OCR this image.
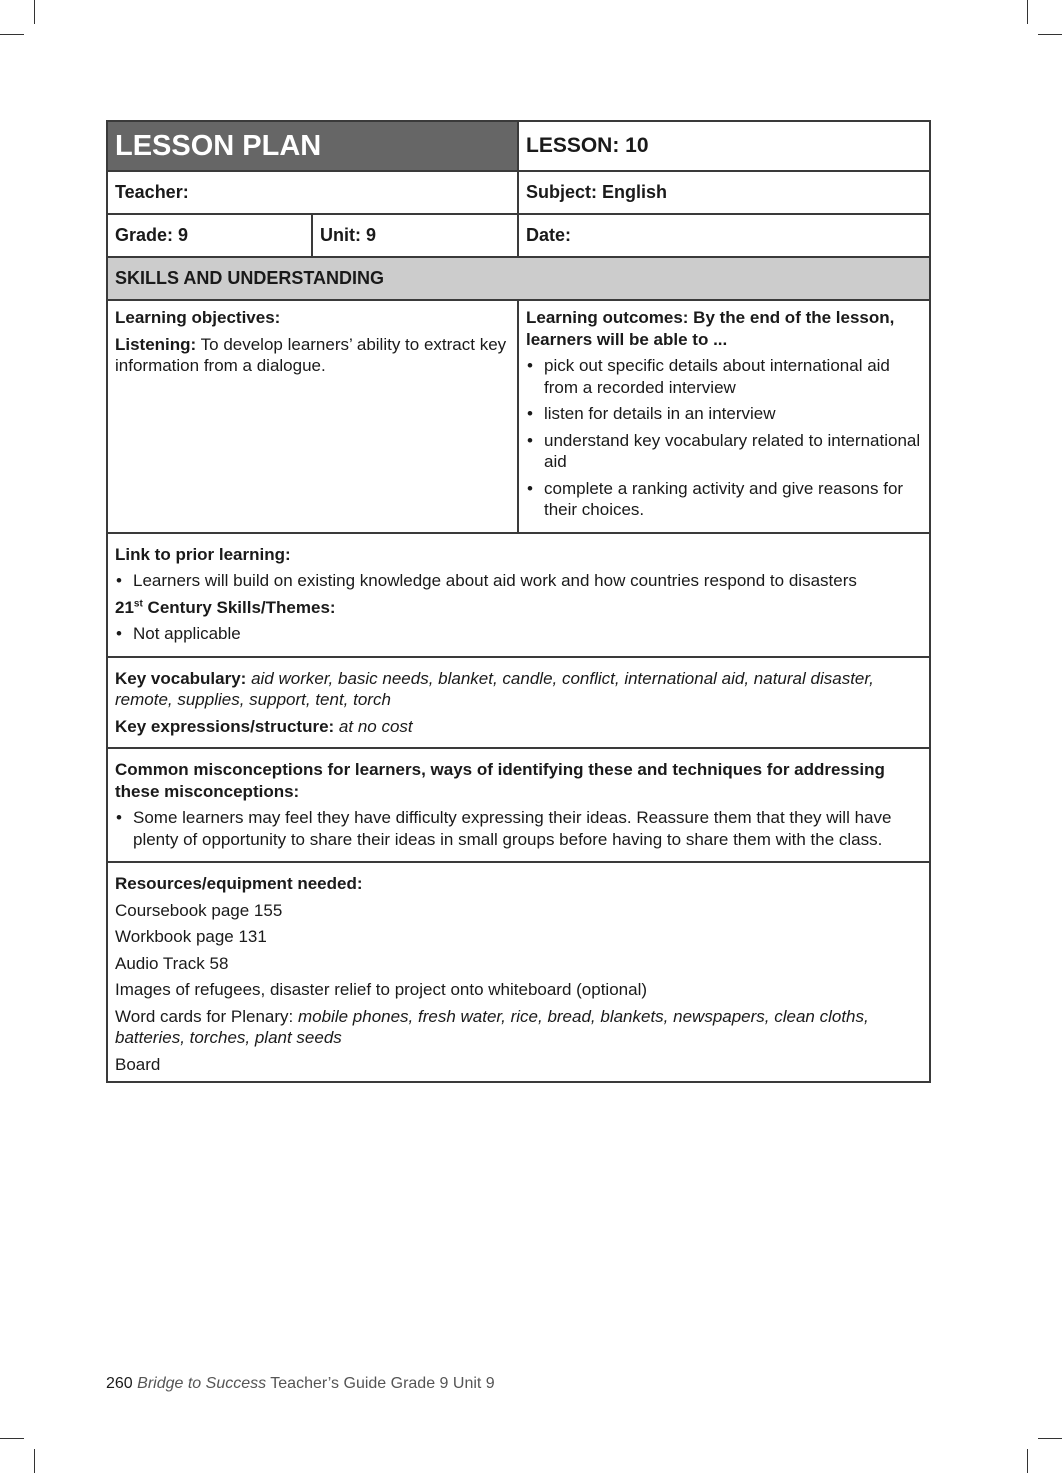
LESSON PLAN		LESSON: 10
Teacher:		Subject: English
Grade: 9	Unit: 9	Date:
SKILLS AND UNDERSTANDING		

Learning objectives:

Listening: To develop learners’ ability to extract key information from a dialogue.

Learning outcomes: By the end of the lesson, learners will be able to ...

• pick out specific details about international aid from a recorded interview
• listen for details in an interview
• understand key vocabulary related to international aid
• complete a ranking activity and give reasons for their choices.

Link to prior learning:

• Learners will build on existing knowledge about aid work and how countries respond to disasters

21st Century Skills/Themes:

• Not applicable

Key vocabulary: aid worker, basic needs, blanket, candle, conflict, international aid, natural disaster, remote, supplies, support, tent, torch

Key expressions/structure: at no cost		

Common misconceptions for learners, ways of identifying these and techniques for addressing these misconceptions:

• Some learners may feel they have difficulty expressing their ideas. Reassure them that they will have plenty of opportunity to share their ideas in small groups before having to share them with the class.

Resources/equipment needed:

Coursebook page 155

Workbook page 131

Audio Track 58

Images of refugees, disaster relief to project onto whiteboard (optional)

Word cards for Plenary: mobile phones, fresh water, rice, bread, blankets, newspapers, clean cloths, batteries, torches, plant seeds

Board

260 Bridge to Success Teacher’s Guide Grade 9 Unit 9
